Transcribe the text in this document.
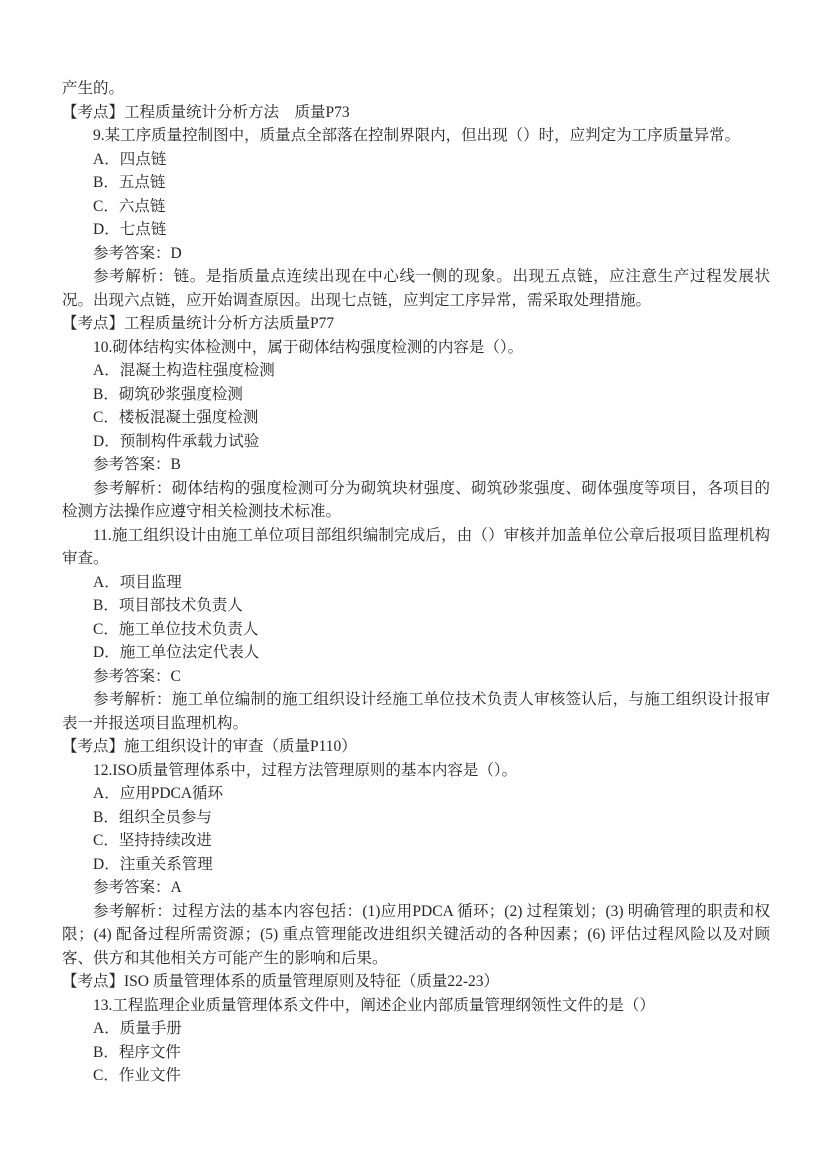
产生的。

【考点】工程质量统计分析方法　质量P73

9.某工序质量控制图中，质量点全部落在控制界限内，但出现（）时，应判定为工序质量异常。

A．四点链

B．五点链

C．六点链

D．七点链

参考答案：D

参考解析：链。是指质量点连续出现在中心线一侧的现象。出现五点链，应注意生产过程发展状况。出现六点链，应开始调查原因。出现七点链，应判定工序异常，需采取处理措施。

【考点】工程质量统计分析方法质量P77

10.砌体结构实体检测中，属于砌体结构强度检测的内容是（）。

A．混凝土构造柱强度检测

B．砌筑砂浆强度检测

C．楼板混凝土强度检测

D．预制构件承载力试验

参考答案：B

参考解析：砌体结构的强度检测可分为砌筑块材强度、砌筑砂浆强度、砌体强度等项目，各项目的检测方法操作应遵守相关检测技术标准。

11.施工组织设计由施工单位项目部组织编制完成后，由（）审核并加盖单位公章后报项目监理机构审查。

A．项目监理

B．项目部技术负责人

C．施工单位技术负责人

D．施工单位法定代表人

参考答案：C

参考解析：施工单位编制的施工组织设计经施工单位技术负责人审核签认后，与施工组织设计报审表一并报送项目监理机构。

【考点】施工组织设计的审查（质量P110）

12.ISO质量管理体系中，过程方法管理原则的基本内容是（）。

A．应用PDCA循环

B．组织全员参与

C．坚持持续改进

D．注重关系管理

参考答案：A

参考解析：过程方法的基本内容包括：(1)应用PDCA 循环；(2) 过程策划；(3) 明确管理的职责和权限；(4) 配备过程所需资源；(5) 重点管理能改进组织关键活动的各种因素；(6) 评估过程风险以及对顾客、供方和其他相关方可能产生的影响和后果。

【考点】ISO 质量管理体系的质量管理原则及特征（质量22-23）

13.工程监理企业质量管理体系文件中，阐述企业内部质量管理纲领性文件的是（）

A．质量手册

B．程序文件

C．作业文件
